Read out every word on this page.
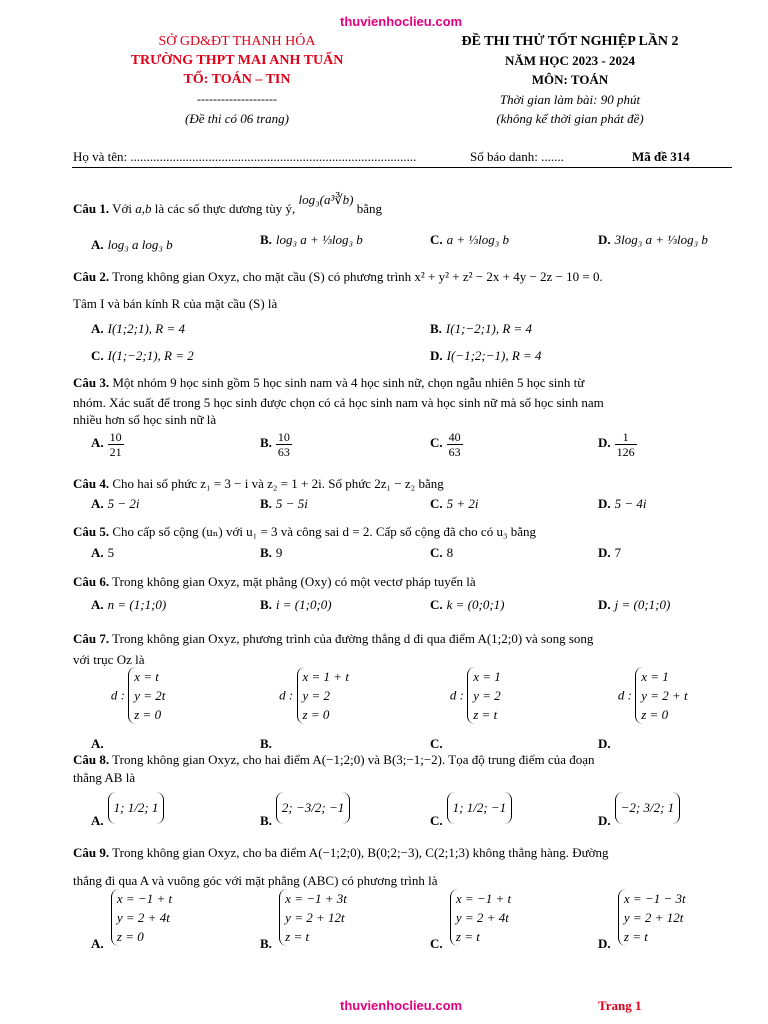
thuvienhoclieu.com
SỞ GD&ĐT THANH HÓA
TRƯỜNG THPT MAI ANH TUẤN
TỔ: TOÁN – TIN
--------------------
(Đề thi có 06 trang)
ĐỀ THI THỬ TỐT NGHIỆP LẦN 2
NĂM HỌC 2023 - 2024
MÔN: TOÁN
Thời gian làm bài: 90 phút
(không kể thời gian phát đề)
Họ và tên: ........................................................................................	Số báo danh: .......	Mã đề 314
Câu 1. Với a,b là các số thực dương tùy ý, log₃(a³∛b) bằng
A. log₃ a log₃ b	B. log₃ a + ⅓log₃ b	C. a + ⅓log₃ b	D. 3log₃ a + ⅓log₃ b
Câu 2. Trong không gian Oxyz, cho mặt cầu (S) có phương trình x² + y² + z² − 2x + 4y − 2z − 10 = 0.
Tâm I và bán kính R của mặt cầu (S) là
A. I(1;2;1), R = 4	B. I(1;−2;1), R = 4
C. I(1;−2;1), R = 2	D. I(−1;2;−1), R = 4
Câu 3. Một nhóm 9 học sinh gồm 5 học sinh nam và 4 học sinh nữ, chọn ngẫu nhiên 5 học sinh từ
nhóm. Xác suất để trong 5 học sinh được chọn có cả học sinh nam và học sinh nữ mà số học sinh nam
nhiều hơn số học sinh nữ là
A. $\frac{10}{21}$	B. $\frac{10}{63}$	C. $\frac{40}{63}$	D. $\frac{1}{126}$
Câu 4. Cho hai số phức z₁ = 3 − i và z₂ = 1 + 2i. Số phức 2z₁ − z₂ bằng
A. 5 − 2i	B. 5 − 5i	C. 5 + 2i	D. 5 − 4i
Câu 5. Cho cấp số cộng (uₙ) với u₁ = 3 và công sai d = 2. Cấp số cộng đã cho có u₃ bằng
A. 5	B. 9	C. 8	D. 7
Câu 6. Trong không gian Oxyz, mặt phẳng (Oxy) có một vectơ pháp tuyến là
A. n = (1;1;0)	B. i = (1;0;0)	C. k = (0;0;1)	D. j = (0;1;0)
Câu 7. Trong không gian Oxyz, phương trình của đường thẳng d đi qua điểm A(1;2;0) và song song
với trục Oz là
A. d :
x = t
y = 2t
z = 0
B. d :
x = 1 + t
y = 2
z = 0
C. d :
x = 1
y = 2
z = t
D. d :
x = 1
y = 2 + t
z = 0
Câu 8. Trong không gian Oxyz, cho hai điểm A(−1;2;0) và B(3;−1;−2). Tọa độ trung điểm của đoạn
thẳng AB là
A.1; 1/2; 1
B.2; −3/2; −1
C.1; 1/2; −1
D.−2; 3/2; 1
Câu 9. Trong không gian Oxyz, cho ba điểm A(−1;2;0), B(0;2;−3), C(2;1;3) không thẳng hàng. Đường
thẳng đi qua A và vuông góc với mặt phẳng (ABC) có phương trình là
A.
x = −1 + t
y = 2 + 4t
z = 0	B.
x = −1 + 3t
y = 2 + 12t
z = t	C.
x = −1 + t
y = 2 + 4t
z = t	D.
x = −1 − 3t
y = 2 + 12t
z = t
thuvienhoclieu.com	Trang 1
